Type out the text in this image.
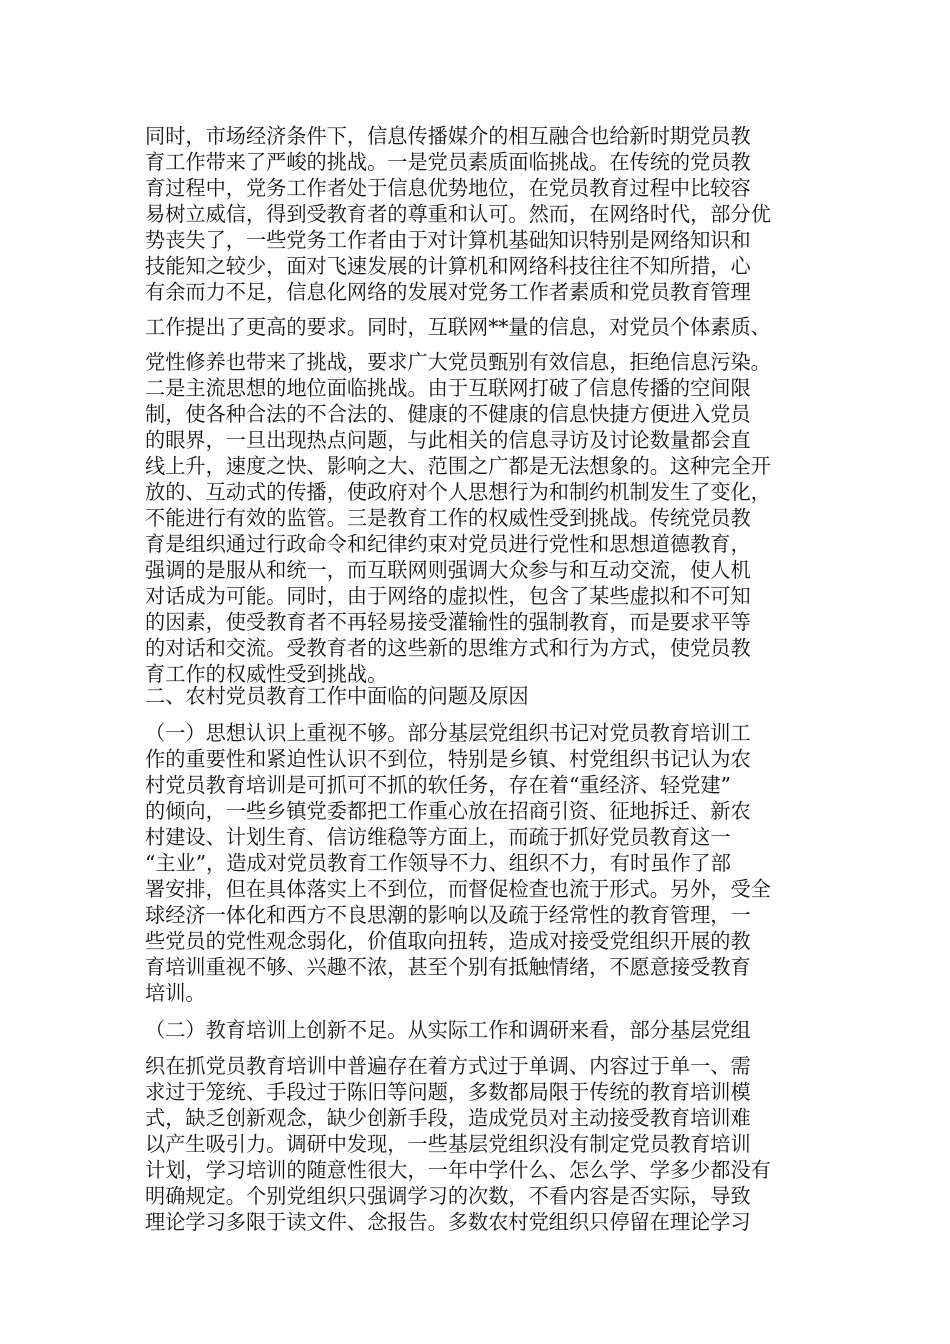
同时，市场经济条件下，信息传播媒介的相互融合也给新时期党员教
育工作带来了严峻的挑战。一是党员素质面临挑战。在传统的党员教
育过程中，党务工作者处于信息优势地位，在党员教育过程中比较容
易树立威信，得到受教育者的尊重和认可。然而，在网络时代，部分优
势丧失了，一些党务工作者由于对计算机基础知识特别是网络知识和
技能知之较少，面对飞速发展的计算机和网络科技往往不知所措，心
有余而力不足，信息化网络的发展对党务工作者素质和党员教育管理
工作提出了更高的要求。同时，互联网**量的信息，对党员个体素质、
党性修养也带来了挑战，要求广大党员甄别有效信息，拒绝信息污染。
二是主流思想的地位面临挑战。由于互联网打破了信息传播的空间限
制，使各种合法的不合法的、健康的不健康的信息快捷方便进入党员
的眼界，一旦出现热点问题，与此相关的信息寻访及讨论数量都会直
线上升，速度之快、影响之大、范围之广都是无法想象的。这种完全开
放的、互动式的传播，使政府对个人思想行为和制约机制发生了变化，
不能进行有效的监管。三是教育工作的权威性受到挑战。传统党员教
育是组织通过行政命令和纪律约束对党员进行党性和思想道德教育，
强调的是服从和统一，而互联网则强调大众参与和互动交流，使人机
对话成为可能。同时，由于网络的虚拟性，包含了某些虚拟和不可知
的因素，使受教育者不再轻易接受灌输性的强制教育，而是要求平等
的对话和交流。受教育者的这些新的思维方式和行为方式，使党员教
育工作的权威性受到挑战。
二、农村党员教育工作中面临的问题及原因
（一）思想认识上重视不够。部分基层党组织书记对党员教育培训工
作的重要性和紧迫性认识不到位，特别是乡镇、村党组织书记认为农
村党员教育培训是可抓可不抓的软任务，存在着“重经济、轻党建”
的倾向，一些乡镇党委都把工作重心放在招商引资、征地拆迁、新农
村建设、计划生育、信访维稳等方面上，而疏于抓好党员教育这一
“主业”，造成对党员教育工作领导不力、组织不力，有时虽作了部
署安排，但在具体落实上不到位，而督促检查也流于形式。另外，受全
球经济一体化和西方不良思潮的影响以及疏于经常性的教育管理，一
些党员的党性观念弱化，价值取向扭转，造成对接受党组织开展的教
育培训重视不够、兴趣不浓，甚至个别有抵触情绪，不愿意接受教育
培训。
（二）教育培训上创新不足。从实际工作和调研来看，部分基层党组
织在抓党员教育培训中普遍存在着方式过于单调、内容过于单一、需
求过于笼统、手段过于陈旧等问题，多数都局限于传统的教育培训模
式，缺乏创新观念，缺少创新手段，造成党员对主动接受教育培训难
以产生吸引力。调研中发现，一些基层党组织没有制定党员教育培训
计划，学习培训的随意性很大，一年中学什么、怎么学、学多少都没有
明确规定。个别党组织只强调学习的次数，不看内容是否实际，导致
理论学习多限于读文件、念报告。多数农村党组织只停留在理论学习
